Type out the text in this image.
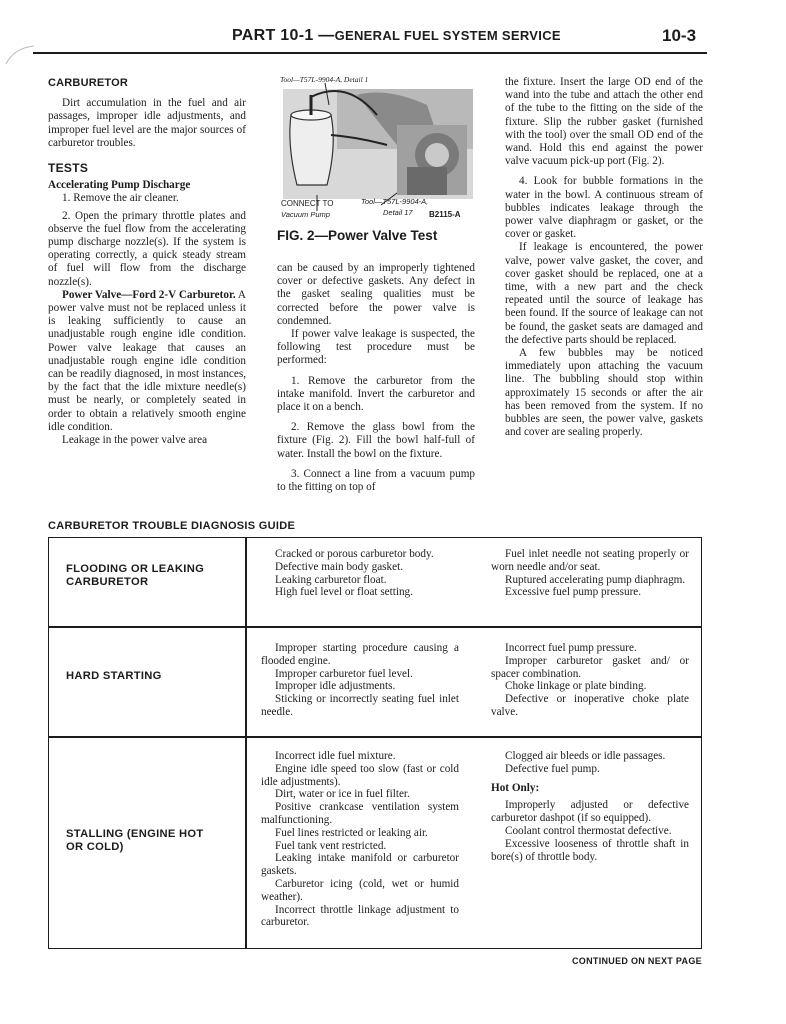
PART 10-1 —GENERAL FUEL SYSTEM SERVICE	10-3
CARBURETOR

Dirt accumulation in the fuel and air passages, improper idle adjustments, and improper fuel level are the major sources of carburetor troubles.

TESTS

Accelerating Pump Discharge

1. Remove the air cleaner.

2. Open the primary throttle plates and observe the fuel flow from the accelerating pump discharge nozzle(s). If the system is operating correctly, a quick steady stream of fuel will flow from the discharge nozzle(s).

Power Valve—Ford 2-V Carburetor. A power valve must not be replaced unless it is leaking sufficiently to cause an unadjustable rough engine idle condition. Power valve leakage that causes an unadjustable rough engine idle condition can be readily diagnosed, in most instances, by the fact that the idle mixture needle(s) must be nearly, or completely seated in order to obtain a relatively smooth engine idle condition.

Leakage in the power valve area

Tool—T57L-9904-A, Detail 1
CONNECT TO
Vacuum Pump
Tool—T57L-9904-A,
Detail 17 B2115-A
FIG. 2—Power Valve Test

can be caused by an improperly tightened cover or defective gaskets. Any defect in the gasket sealing qualities must be corrected before the power valve is condemned.

If power valve leakage is suspected, the following test procedure must be performed:

1. Remove the carburetor from the intake manifold. Invert the carburetor and place it on a bench.

2. Remove the glass bowl from the fixture (Fig. 2). Fill the bowl half-full of water. Install the bowl on the fixture.

3. Connect a line from a vacuum pump to the fitting on top of

the fixture. Insert the large OD end of the wand into the tube and attach the other end of the tube to the fitting on the side of the fixture. Slip the rubber gasket (furnished with the tool) over the small OD end of the wand. Hold this end against the power valve vacuum pick-up port (Fig. 2).

4. Look for bubble formations in the water in the bowl. A continuous stream of bubbles indicates leakage through the power valve diaphragm or gasket, or the cover or gasket.

If leakage is encountered, the power valve, power valve gasket, the cover, and cover gasket should be replaced, one at a time, with a new part and the check repeated until the source of leakage has been found. If the source of leakage can not be found, the gasket seats are damaged and the defective parts should be replaced.

A few bubbles may be noticed immediately upon attaching the vacuum line. The bubbling should stop within approximately 15 seconds or after the air has been removed from the system. If no bubbles are seen, the power valve, gaskets and cover are sealing properly.

CARBURETOR TROUBLE DIAGNOSIS GUIDE
FLOODING OR LEAKING
CARBURETOR

Cracked or porous carburetor body.

Defective main body gasket.

Leaking carburetor float.

High fuel level or float setting.

Fuel inlet needle not seating properly or worn needle and/or seat.

Ruptured accelerating pump diaphragm.

Excessive fuel pump pressure.

HARD STARTING

Improper starting procedure causing a flooded engine.

Improper carburetor fuel level.

Improper idle adjustments.

Sticking or incorrectly seating fuel inlet needle.

Incorrect fuel pump pressure.

Improper carburetor gasket and/ or spacer combination.

Choke linkage or plate binding.

Defective or inoperative choke plate valve.

STALLING (ENGINE HOT
OR COLD)

Incorrect idle fuel mixture.

Engine idle speed too slow (fast or cold idle adjustments).

Dirt, water or ice in fuel filter.

Positive crankcase ventilation system malfunctioning.

Fuel lines restricted or leaking air.

Fuel tank vent restricted.

Leaking intake manifold or carburetor gaskets.

Carburetor icing (cold, wet or humid weather).

Incorrect throttle linkage adjustment to carburetor.

Clogged air bleeds or idle passages.

Defective fuel pump.

Hot Only:

Improperly adjusted or defective carburetor dashpot (if so equipped).

Coolant control thermostat defective.

Excessive looseness of throttle shaft in bore(s) of throttle body.

CONTINUED ON NEXT PAGE
